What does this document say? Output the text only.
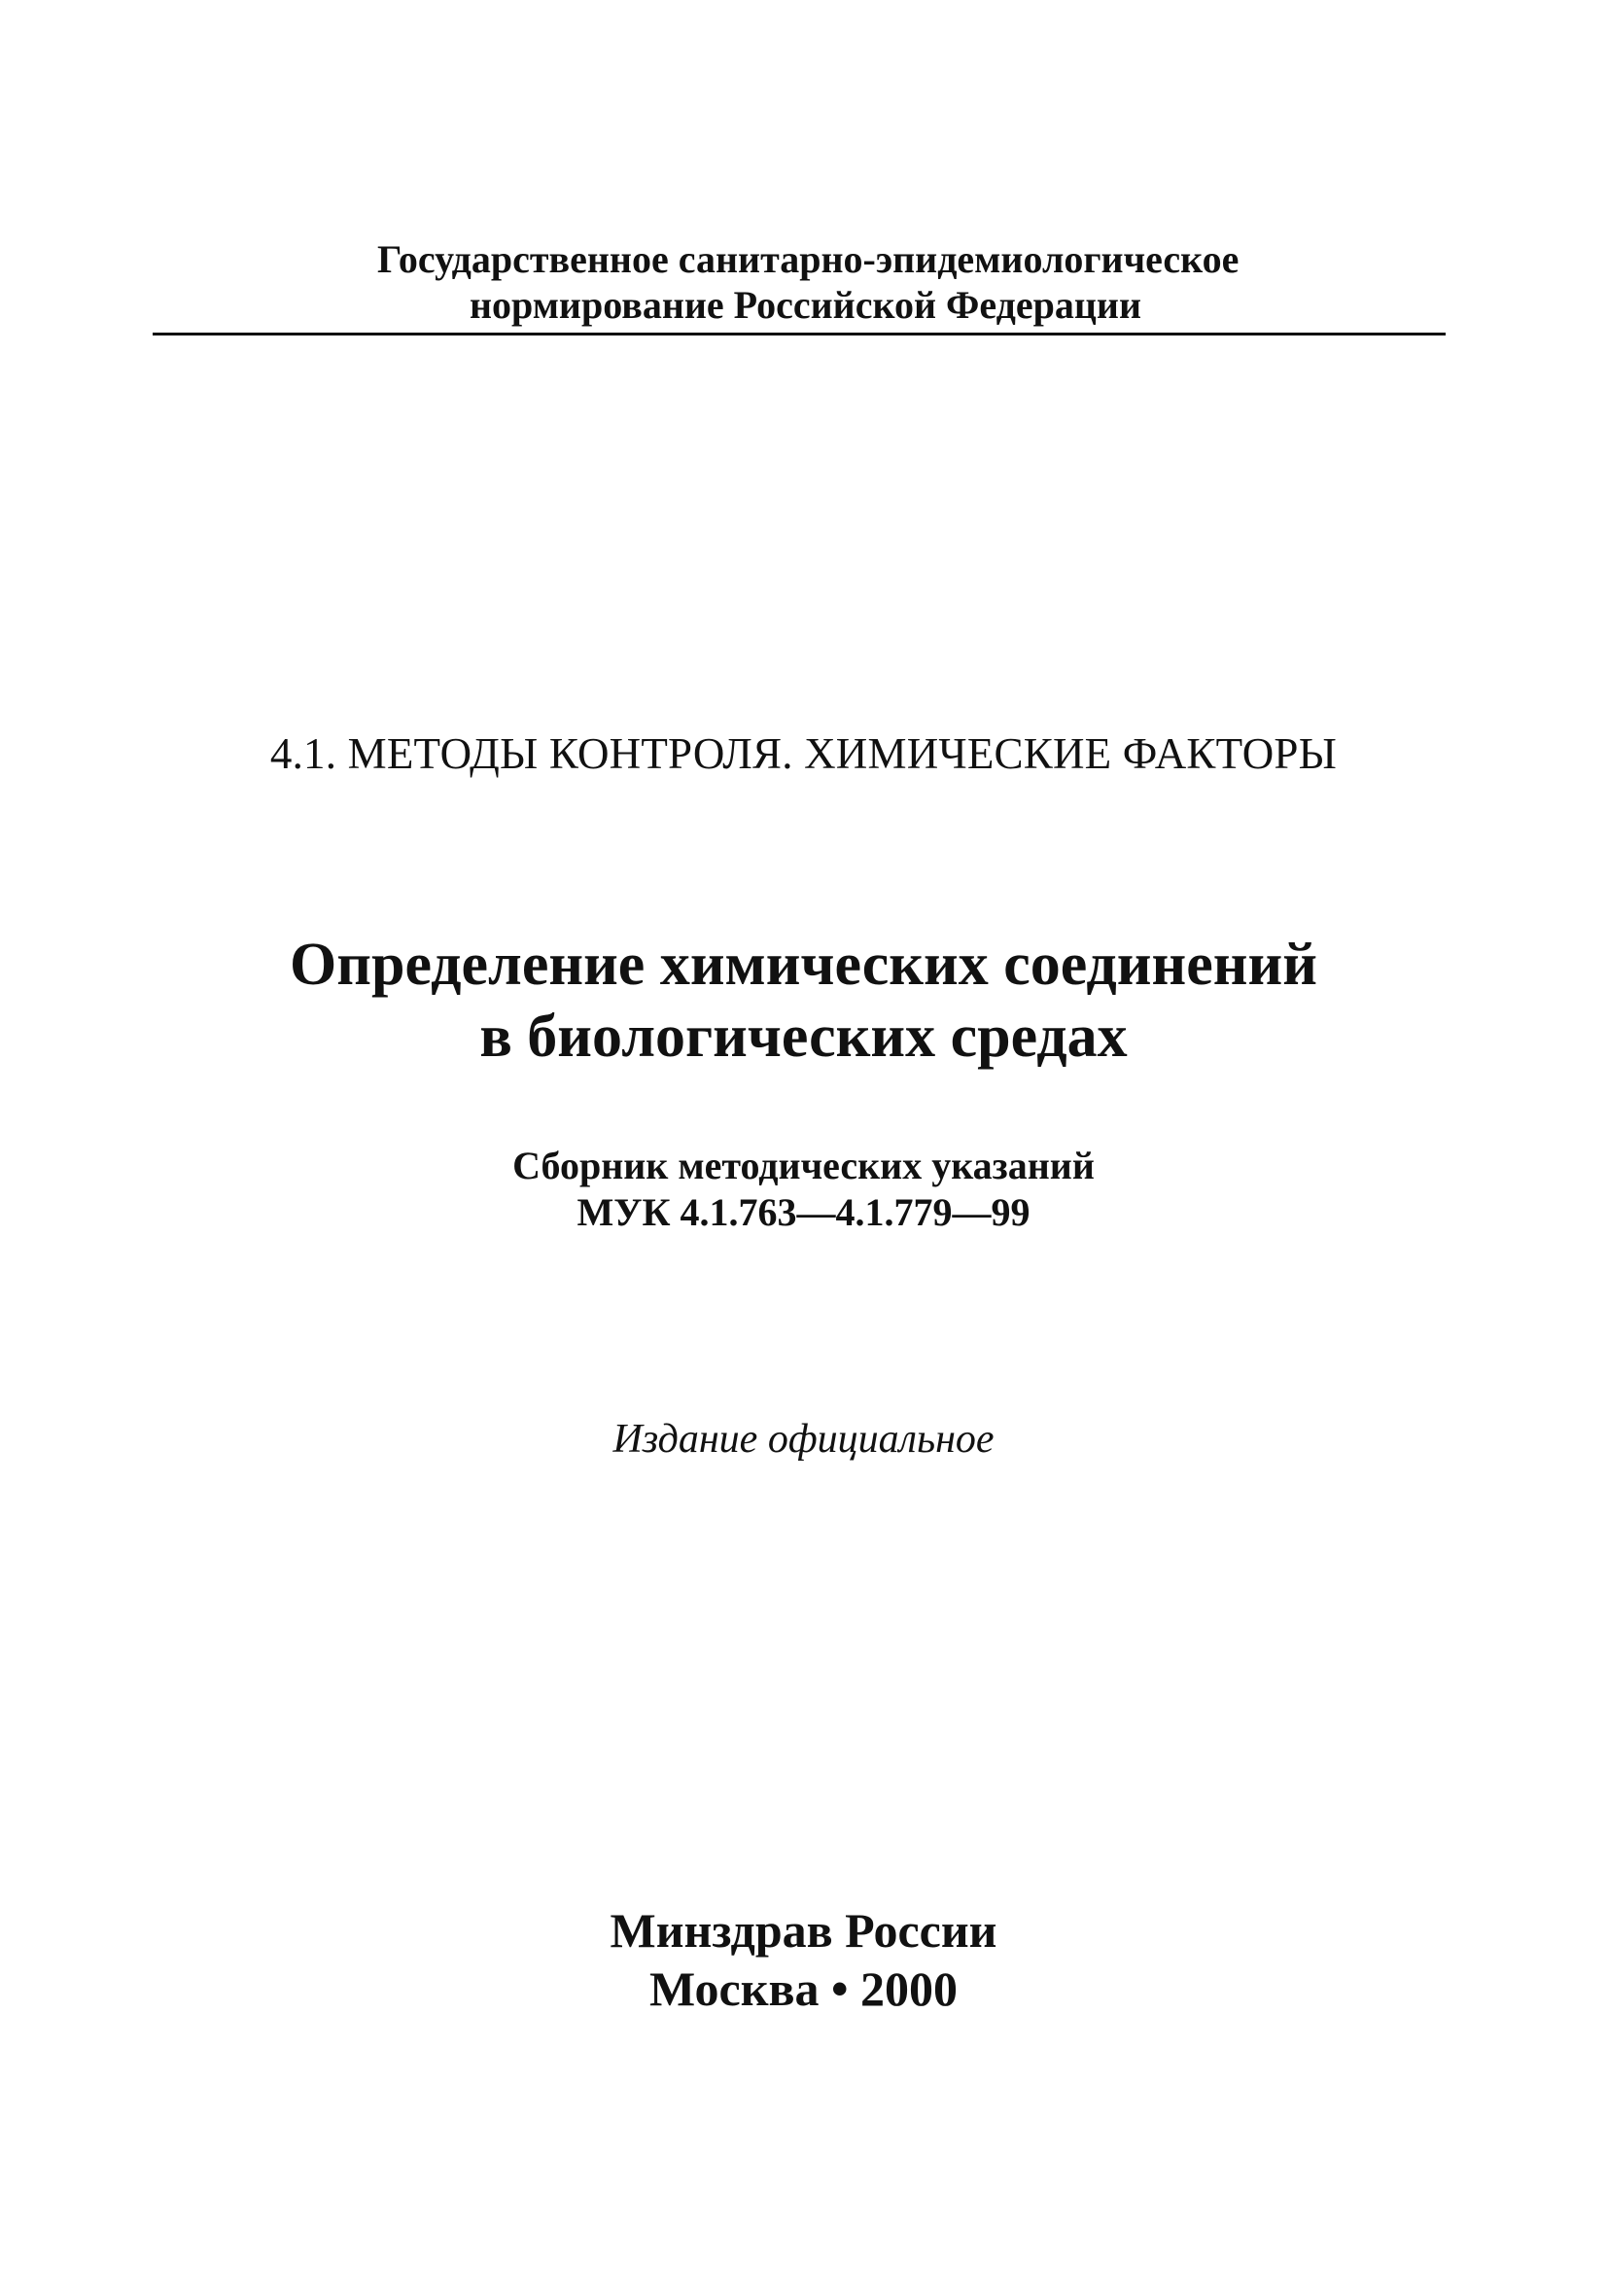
Государственное санитарно-эпидемиологическое
нормирование Российской Федерации
4.1. МЕТОДЫ КОНТРОЛЯ. ХИМИЧЕСКИЕ ФАКТОРЫ
Определение химических соединений
в биологических средах
Сборник методических указаний
МУК 4.1.763—4.1.779—99
Издание официальное
Минздрав России
Москва • 2000
